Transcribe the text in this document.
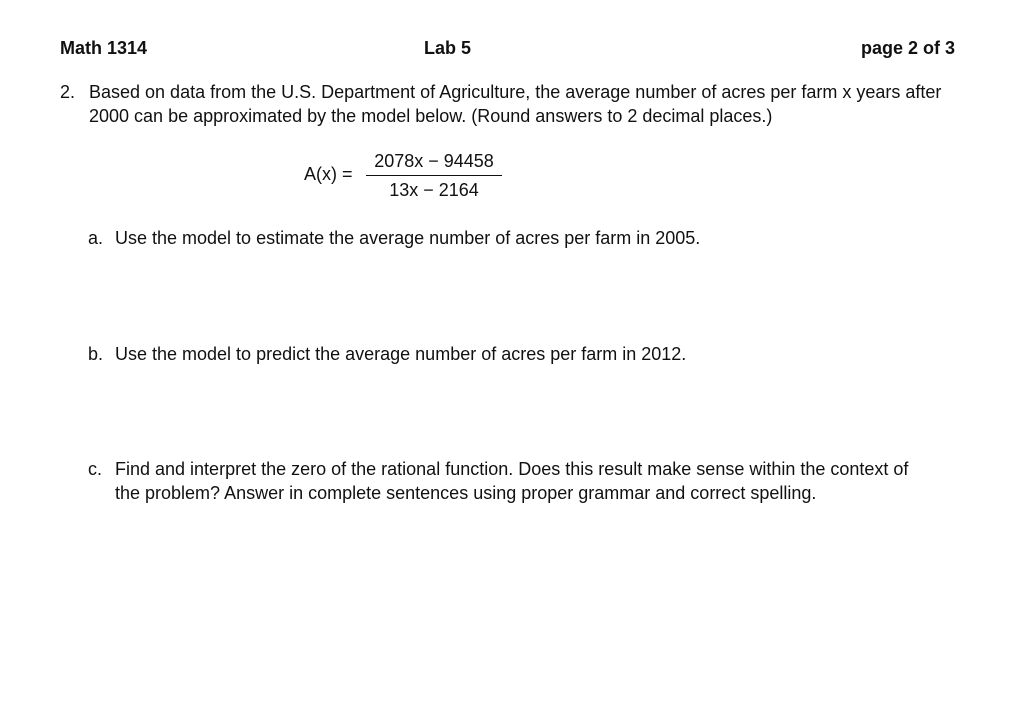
Math 1314	Lab 5	page 2 of 3
2. Based on data from the U.S. Department of Agriculture, the average number of acres per farm x years after 2000 can be approximated by the model below. (Round answers to 2 decimal places.)
A(x) =
2078x − 94458
13x − 2164
a. Use the model to estimate the average number of acres per farm in 2005.
b. Use the model to predict the average number of acres per farm in 2012.
c. Find and interpret the zero of the rational function. Does this result make sense within the context of the problem? Answer in complete sentences using proper grammar and correct spelling.
